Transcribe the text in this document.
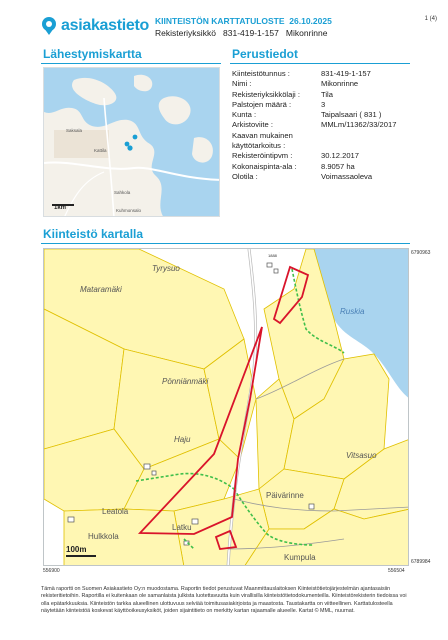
asiakastieto KIINTEISTÖN KARTTATULOSTE 26.10.2025
Rekisteriyksikkö 831-419-1-157 Mikonrinne
1 (4)
Lähestymiskartta	Perustiedot
Kiinteistö kartalla
Kattila
Saksala
Sahkola
Kuhmonsalo
1km
Kiinteistötunnus :	831-419-1-157
Nimi :	Mikonrinne
Rekisteriyksikkölaji :	Tila
Palstojen määrä :	3
Kunta :	Taipalsaari ( 831 )
Arkistoviite :	MMLm/11362/33/2017
Kaavan mukainen käyttötarkoitus :
Rekisteröintipvm :	30.12.2017
Kokonaispinta-ala :	8.9057 ha
Olotila :	Voimassaoleva
Tyrysuo
Mataramäki
Ruskia
Pönniänmäki
Haju
Vitsasuo
Päivärinne
Leatola
Hulkkola
Latku
Kumpula
1888
100m
6790963
6789984
556900	556504
Tämä raportti on Suomen Asiakastieto Oy:n muodostama. Raportin tiedot perustuvat Maanmittauslaitoksen Kiinteistötietojärjestelmän ajantasaisiin rekisteritietoihin. Raportilla ei kuitenkaan ole samanlaista julkista luotettavuutta kuin virallisilla kiinteistötietodokumenteilla. Kiinteistörekisterin tiedoissa voi olla epätarkkuuksia. Kiinteistön tarkka alueellinen ulottuvuus selviää toimitusasiakirjoista ja maastosta. Taustakartta on viitteellinen. Karttatulosteella näytetään kiinteistöä koskevat käyttöoikeusyksiköt, joiden sijaintitieto on merkitty kartan rajaamalle alueelle. Kartat © MML, nuurnat.
